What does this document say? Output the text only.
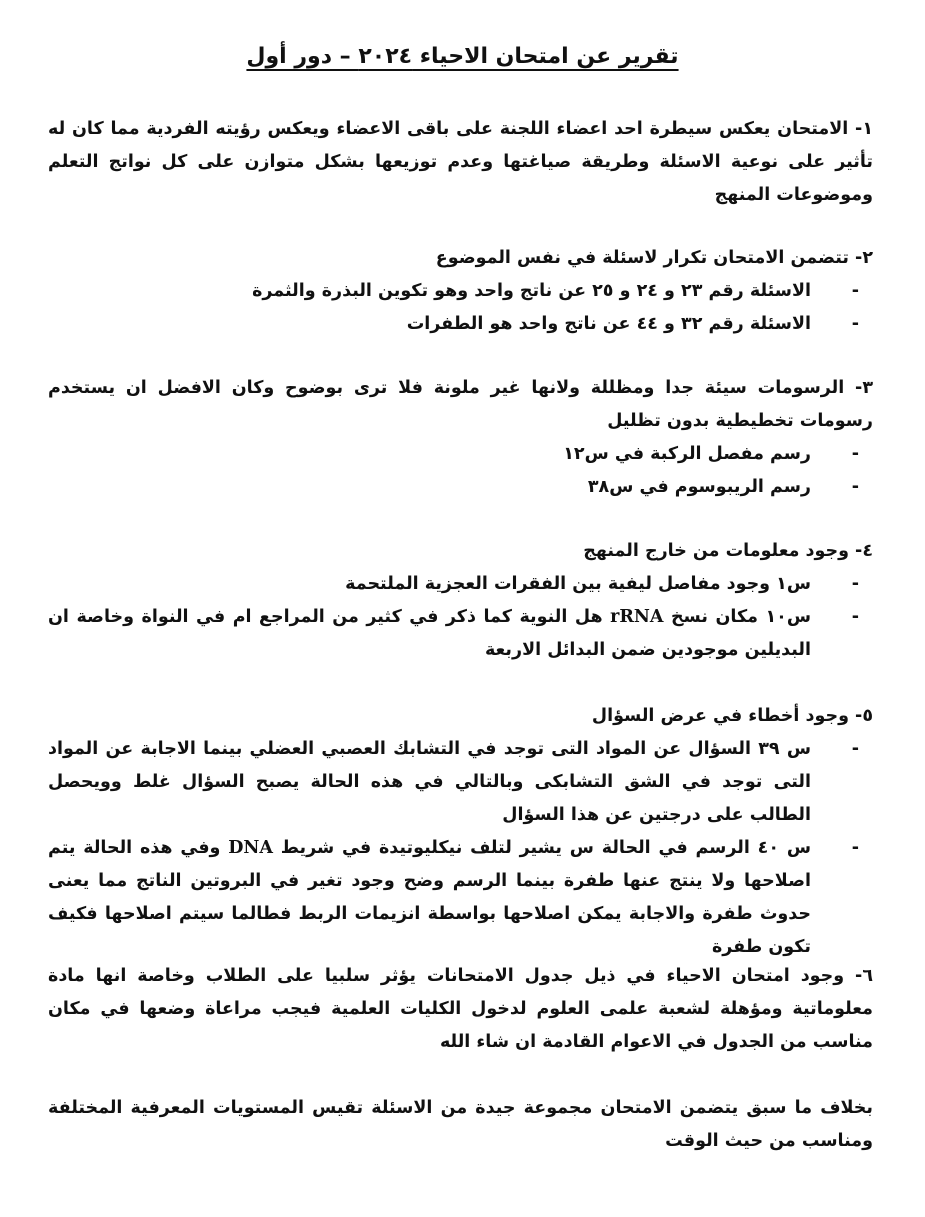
تقرير عن امتحان الاحياء ٢٠٢٤ – دور أول

١- الامتحان يعكس سيطرة احد اعضاء اللجنة على باقى الاعضاء ويعكس رؤيته الفردية مما كان له تأثير على نوعية الاسئلة وطريقة صياغتها وعدم توزيعها بشكل متوازن على كل نواتج التعلم وموضوعات المنهج

٢- تتضمن الامتحان تكرار لاسئلة في نفس الموضوع

- الاسئلة رقم ٢٣ و ٢٤ و ٢٥ عن ناتج واحد وهو تكوين البذرة والثمرة
- الاسئلة رقم ٣٢ و ٤٤ عن ناتج واحد هو الطفرات

٣- الرسومات سيئة جدا ومظللة ولانها غير ملونة فلا ترى بوضوح وكان الافضل ان يستخدم رسومات تخطيطية بدون تظليل

- رسم مفصل الركبة في س١٢
- رسم الريبوسوم في س٣٨

٤- وجود معلومات من خارج المنهج

- س١ وجود مفاصل ليفية بين الفقرات العجزية الملتحمة
- س١٠ مكان نسخ rRNA هل النوية كما ذكر في كثير من المراجع ام في النواة وخاصة ان البديلين موجودين ضمن البدائل الاربعة

٥- وجود أخطاء في عرض السؤال

- س ٣٩ السؤال عن المواد التى توجد في التشابك العصبي العضلي بينما الاجابة عن المواد التى توجد في الشق التشابكى وبالتالي في هذه الحالة يصبح السؤال غلط وويحصل الطالب على درجتين عن هذا السؤال
- س ٤٠ الرسم في الحالة س يشير لتلف نيكليوتيدة في شريط DNA وفي هذه الحالة يتم اصلاحها ولا ينتج عنها طفرة بينما الرسم وضح وجود تغير في البروتين الناتج مما يعنى حدوث طفرة والاجابة يمكن اصلاحها بواسطة انزيمات الربط فطالما سيتم اصلاحها فكيف تكون طفرة

٦- وجود امتحان الاحياء في ذيل جدول الامتحانات يؤثر سلبيا على الطلاب وخاصة انها مادة معلوماتية ومؤهلة لشعبة علمى العلوم لدخول الكليات العلمية فيجب مراعاة وضعها في مكان مناسب من الجدول في الاعوام القادمة ان شاء الله

بخلاف ما سبق يتضمن الامتحان مجموعة جيدة من الاسئلة تقيس المستويات المعرفية المختلفة ومناسب من حيث الوقت
